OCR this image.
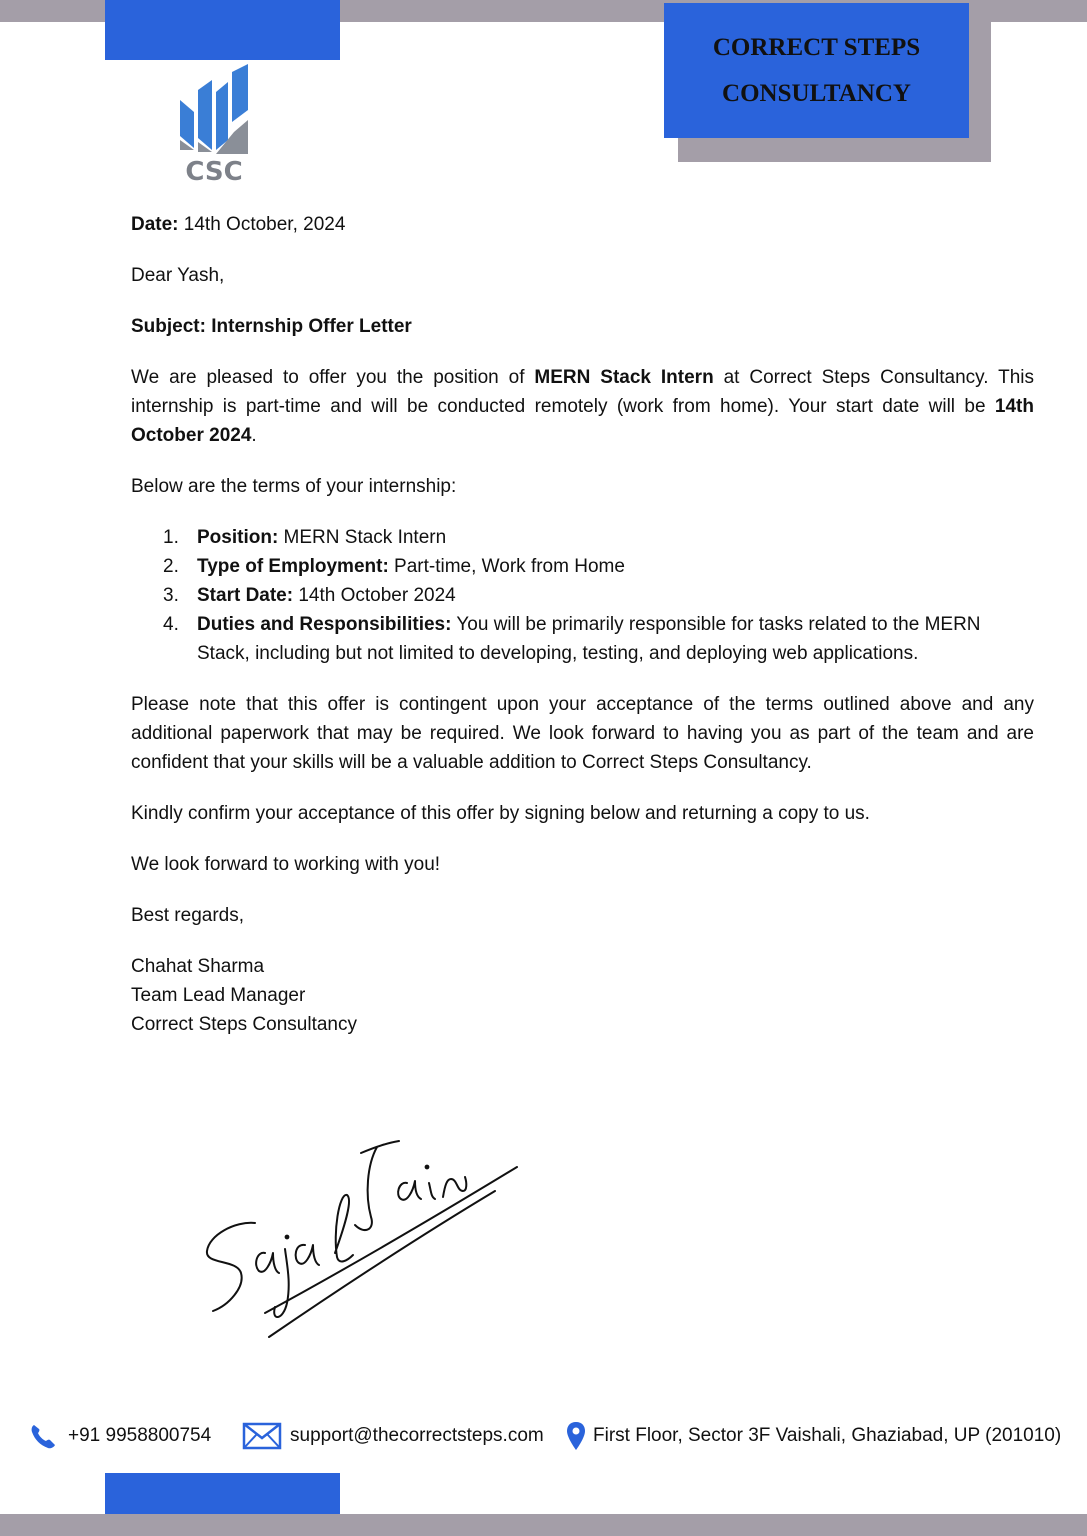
CORRECT STEPS
CONSULTANCY
CSC

Date: 14th October, 2024

Dear Yash,

Subject: Internship Offer Letter

We are pleased to offer you the position of MERN Stack Intern at Correct Steps Consultancy. This internship is part-time and will be conducted remotely (work from home). Your start date will be 14th October 2024.

Below are the terms of your internship:

1. Position: MERN Stack Intern
2. Type of Employment: Part-time, Work from Home
3. Start Date: 14th October 2024
4. Duties and Responsibilities: You will be primarily responsible for tasks related to the MERN Stack, including but not limited to developing, testing, and deploying web applications.

Please note that this offer is contingent upon your acceptance of the terms outlined above and any additional paperwork that may be required. We look forward to having you as part of the team and are confident that your skills will be a valuable addition to Correct Steps Consultancy.

Kindly confirm your acceptance of this offer by signing below and returning a copy to us.

We look forward to working with you!

Best regards,

Chahat Sharma

Team Lead Manager

Correct Steps Consultancy

+91 9958800754	support@thecorrectsteps.com	First Floor, Sector 3F Vaishali, Ghaziabad, UP (201010)
